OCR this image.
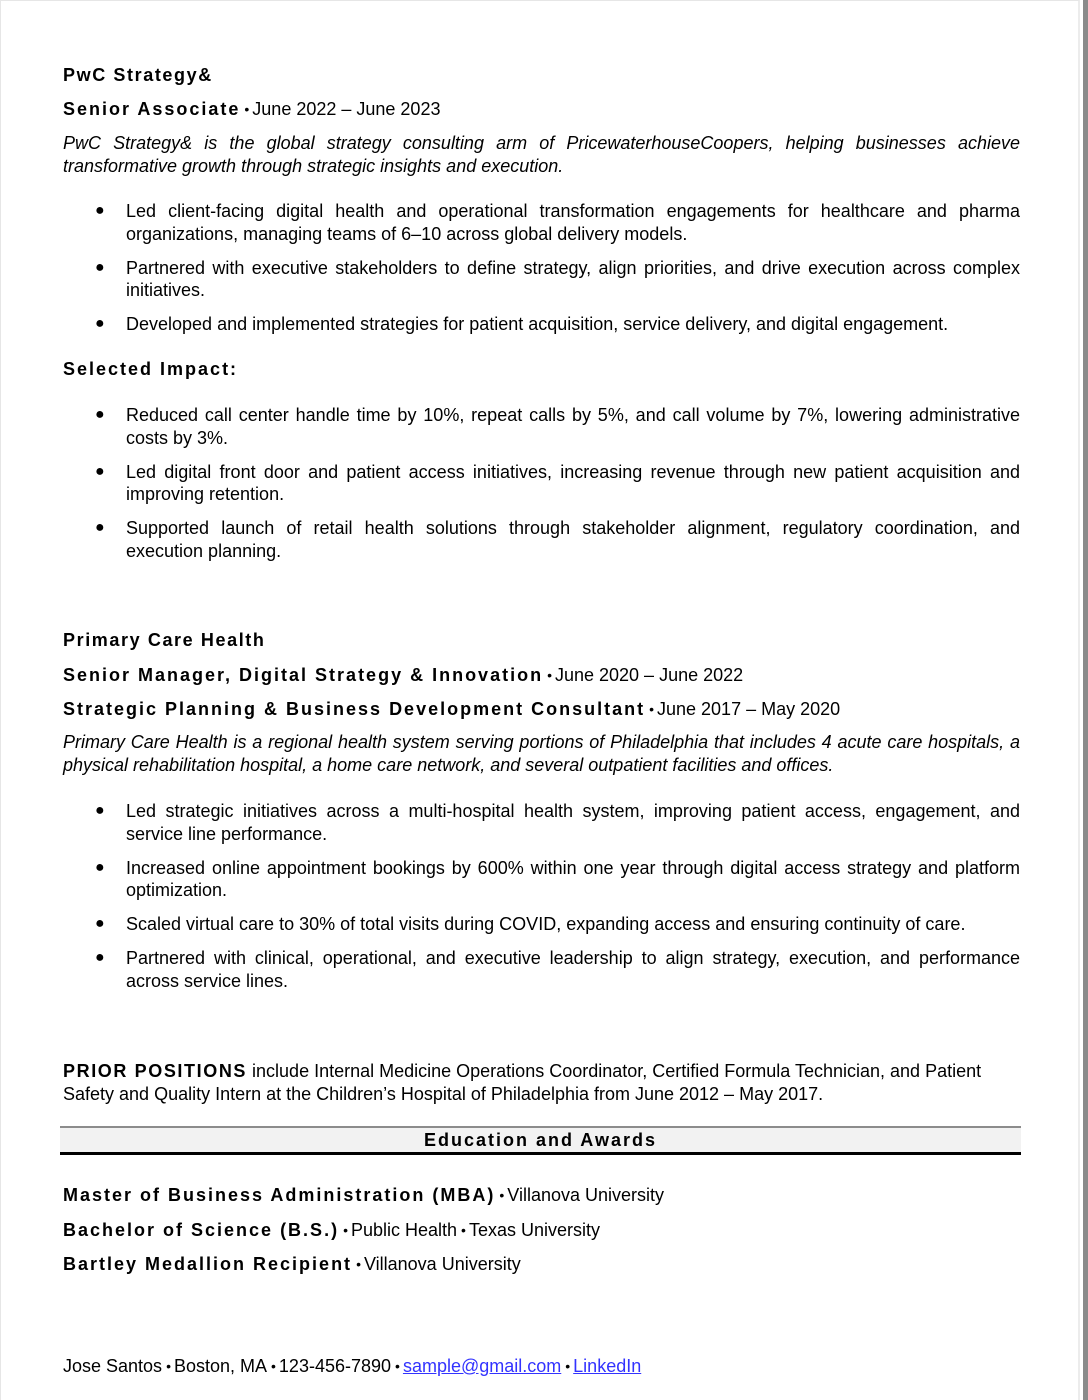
PwC Strategy&
Senior Associate • June 2022 – June 2023
PwC Strategy& is the global strategy consulting arm of PricewaterhouseCoopers, helping businesses achieve transformative growth through strategic insights and execution.
● Led client-facing digital health and operational transformation engagements for healthcare and pharma organizations, managing teams of 6–10 across global delivery models.
● Partnered with executive stakeholders to define strategy, align priorities, and drive execution across complex initiatives.
● Developed and implemented strategies for patient acquisition, service delivery, and digital engagement.
Selected Impact:
● Reduced call center handle time by 10%, repeat calls by 5%, and call volume by 7%, lowering administrative costs by 3%.
● Led digital front door and patient access initiatives, increasing revenue through new patient acquisition and improving retention.
● Supported launch of retail health solutions through stakeholder alignment, regulatory coordination, and execution planning.
Primary Care Health
Senior Manager, Digital Strategy & Innovation • June 2020 – June 2022
Strategic Planning & Business Development Consultant • June 2017 – May 2020
Primary Care Health is a regional health system serving portions of Philadelphia that includes 4 acute care hospitals, a physical rehabilitation hospital, a home care network, and several outpatient facilities and offices.
● Led strategic initiatives across a multi-hospital health system, improving patient access, engagement, and service line performance.
● Increased online appointment bookings by 600% within one year through digital access strategy and platform optimization.
● Scaled virtual care to 30% of total visits during COVID, expanding access and ensuring continuity of care.
● Partnered with clinical, operational, and executive leadership to align strategy, execution, and performance across service lines.
PRIOR POSITIONS include Internal Medicine Operations Coordinator, Certified Formula Technician, and Patient Safety and Quality Intern at the Children’s Hospital of Philadelphia from June 2012 – May 2017.
Education and Awards
Master of Business Administration (MBA) • Villanova University
Bachelor of Science (B.S.) • Public Health • Texas University
Bartley Medallion Recipient • Villanova University
Jose Santos • Boston, MA • 123-456-7890 • sample@gmail.com • LinkedIn
